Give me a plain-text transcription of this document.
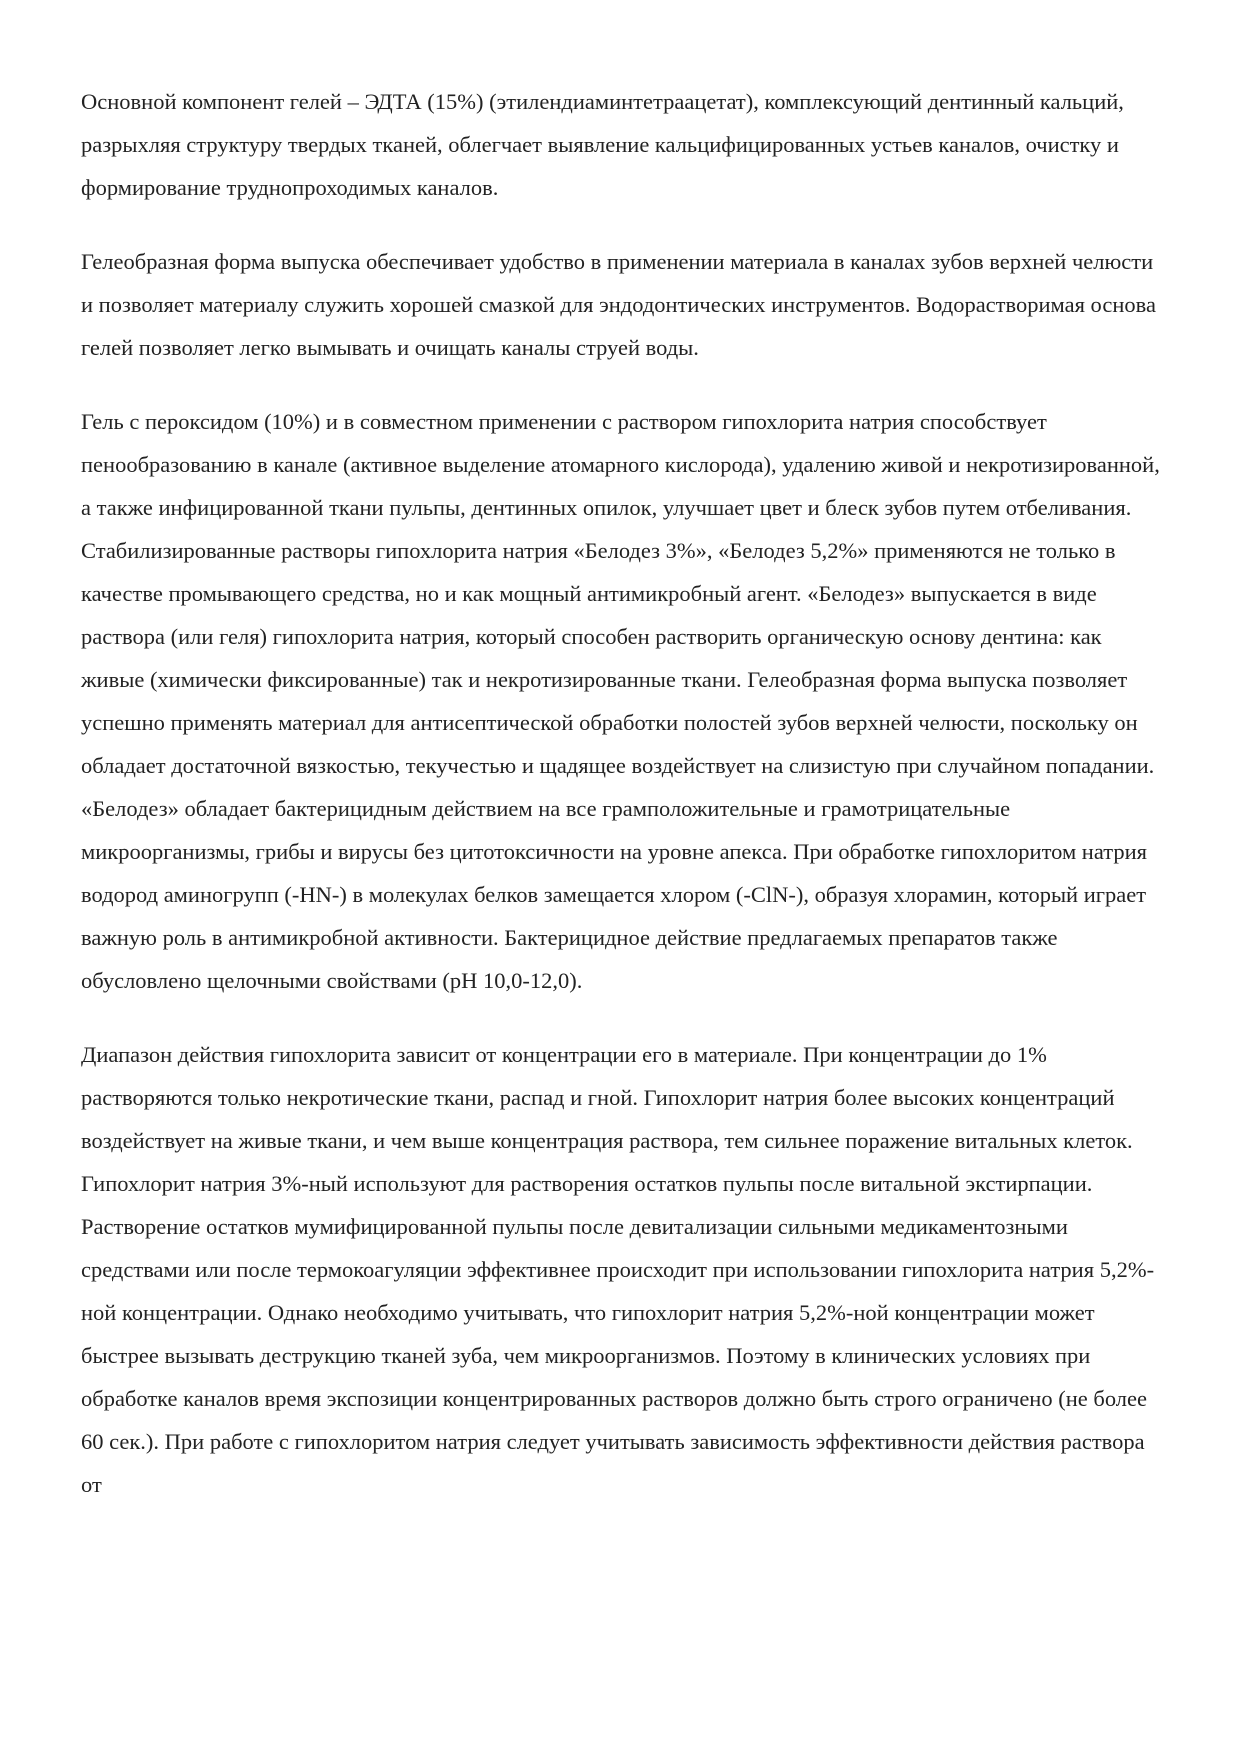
Основной компонент гелей – ЭДТА (15%) (этилендиаминтетраацетат), комплексующий дентинный кальций, разрыхляя структуру твердых тканей, облегчает выявление кальцифицированных устьев каналов, очистку и формирование труднопроходимых каналов.

Гелеобразная форма выпуска обеспечивает удобство в применении материала в каналах зубов верхней челюсти и позволяет материалу служить хорошей смазкой для эндодонтических инструментов. Водорастворимая основа гелей позволяет легко вымывать и очищать каналы струей воды.

Гель с пероксидом (10%) и в совместном применении с раствором гипохлорита натрия способствует пенообразованию в канале (активное выделение атомарного кислорода), удалению живой и некротизированной, а также инфицированной ткани пульпы, дентинных опилок, улучшает цвет и блеск зубов путем отбеливания. Стабилизированные растворы гипохлорита натрия «Белодез 3%», «Белодез 5,2%» применяются не только в качестве промывающего средства, но и как мощный антимикробный агент. «Белодез» выпускается в виде раствора (или геля) гипохлорита натрия, который способен растворить органическую основу дентина: как живые (химически фиксированные) так и некротизированные ткани. Гелеобразная форма выпуска позволяет успешно применять материал для антисептической обработки полостей зубов верхней челюсти, поскольку он обладает достаточной вязкостью, текучестью и щадящее воздействует на слизистую при случайном попадании. «Белодез» обладает бактерицидным действием на все грамположительные и грамотрицательные микроорганизмы, грибы и вирусы без цитотоксичности на уровне апекса. При обработке гипохлоритом натрия водород аминогрупп (-HN-) в молекулах белков замещается хлором (-ClN-), образуя хлорамин, который играет важную роль в антимикробной активности. Бактерицидное действие предлагаемых препаратов также обусловлено щелочными свойствами (pH 10,0-12,0).

Диапазон действия гипохлорита зависит от концентрации его в материале. При концентрации до 1% растворяются только некротические ткани, распад и гной. Гипохлорит натрия более высоких концентраций воздействует на живые ткани, и чем выше концентрация раствора, тем сильнее поражение витальных клеток. Гипохлорит натрия 3%-ный используют для растворения остатков пульпы после витальной экстирпации. Растворение остатков мумифицированной пульпы после девитализации сильными медикаментозными средствами или после термокоагуляции эффективнее происходит при использовании гипохлорита натрия 5,2%-ной концентрации. Однако необходимо учитывать, что гипохлорит натрия 5,2%-ной концентрации может быстрее вызывать деструкцию тканей зуба, чем микроорганизмов. Поэтому в клинических условиях при обработке каналов время экспозиции концентрированных растворов должно быть строго ограничено (не более 60 сек.). При работе с гипохлоритом натрия следует учитывать зависимость эффективности действия раствора от
